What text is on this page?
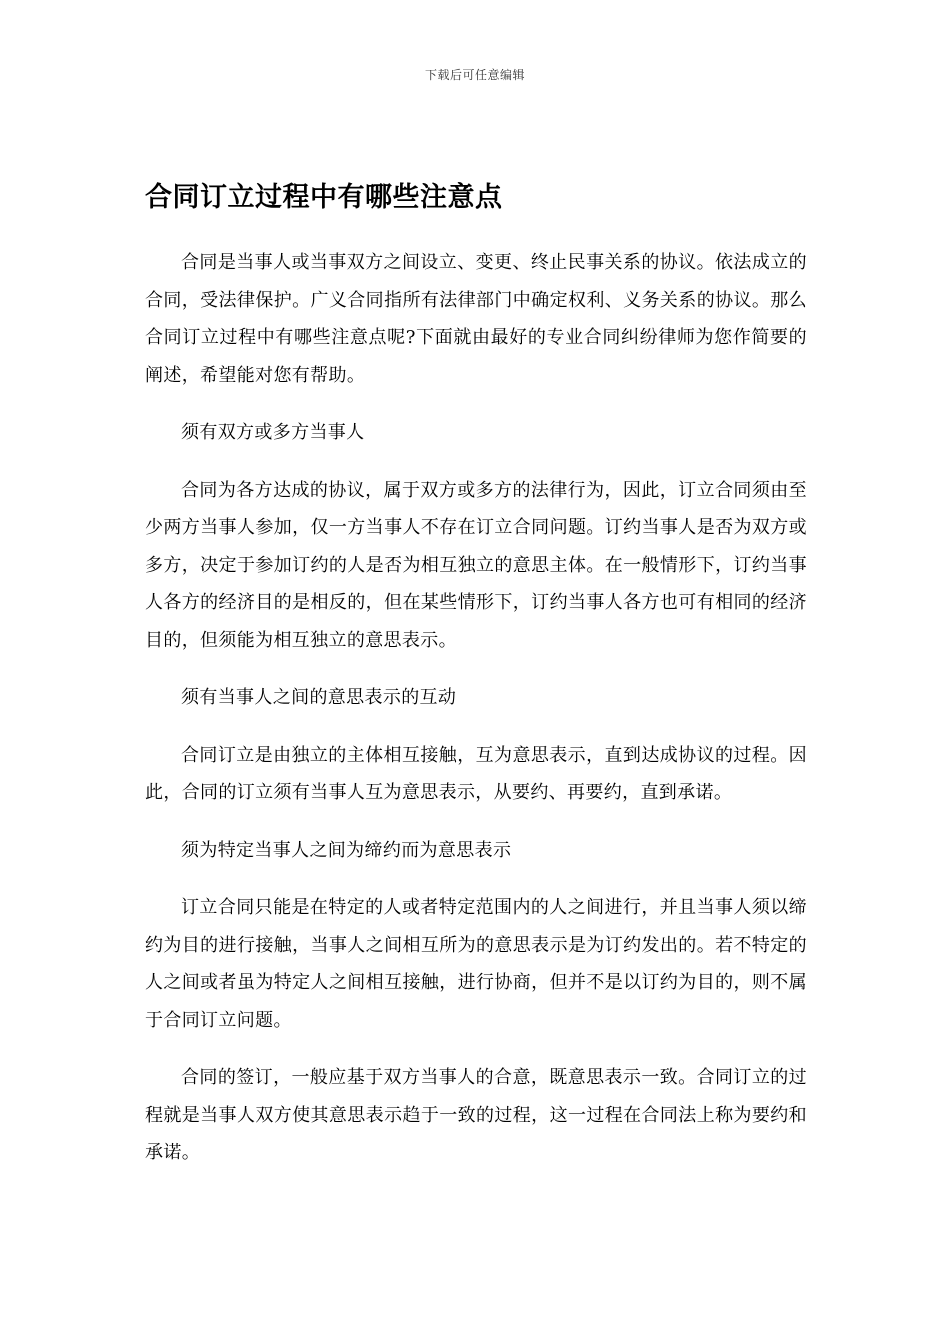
下载后可任意编辑
合同订立过程中有哪些注意点

合同是当事人或当事双方之间设立、变更、终止民事关系的协议。依法成立的合同，受法律保护。广义合同指所有法律部门中确定权利、义务关系的协议。那么合同订立过程中有哪些注意点呢?下面就由最好的专业合同纠纷律师为您作简要的阐述，希望能对您有帮助。

须有双方或多方当事人

合同为各方达成的协议，属于双方或多方的法律行为，因此，订立合同须由至少两方当事人参加，仅一方当事人不存在订立合同问题。订约当事人是否为双方或多方，决定于参加订约的人是否为相互独立的意思主体。在一般情形下，订约当事人各方的经济目的是相反的，但在某些情形下，订约当事人各方也可有相同的经济目的，但须能为相互独立的意思表示。

须有当事人之间的意思表示的互动

合同订立是由独立的主体相互接触，互为意思表示，直到达成协议的过程。因此，合同的订立须有当事人互为意思表示，从要约、再要约，直到承诺。

须为特定当事人之间为缔约而为意思表示

订立合同只能是在特定的人或者特定范围内的人之间进行，并且当事人须以缔约为目的进行接触，当事人之间相互所为的意思表示是为订约发出的。若不特定的人之间或者虽为特定人之间相互接触，进行协商，但并不是以订约为目的，则不属于合同订立问题。

合同的签订，一般应基于双方当事人的合意，既意思表示一致。合同订立的过程就是当事人双方使其意思表示趋于一致的过程，这一过程在合同法上称为要约和承诺。
